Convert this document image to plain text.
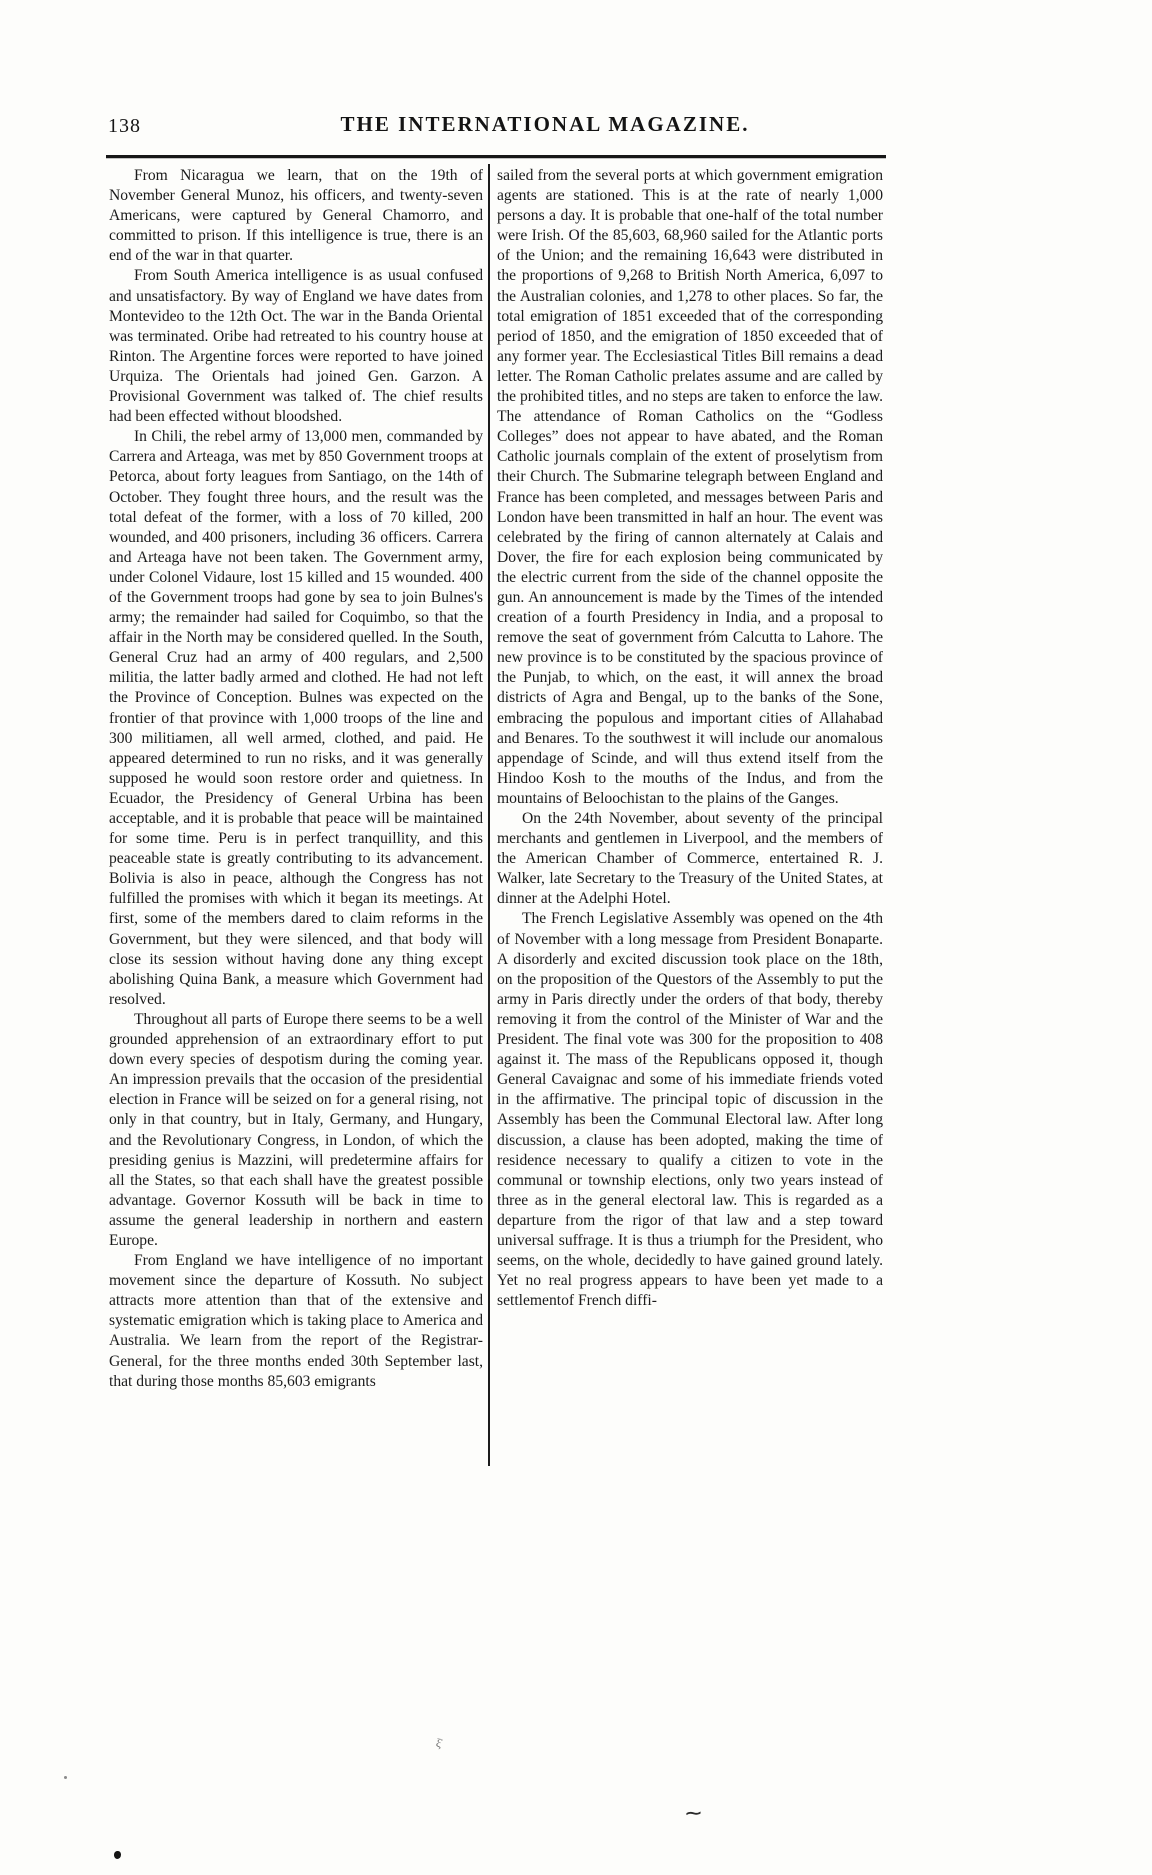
138	THE INTERNATIONAL MAGAZINE.

From Nicaragua we learn, that on the 19th of November General Munoz, his officers, and twenty-seven Americans, were captured by General Chamorro, and committed to prison. If this intelligence is true, there is an end of the war in that quarter.

From South America intelligence is as usual confused and unsatisfactory. By way of England we have dates from Montevideo to the 12th Oct. The war in the Banda Oriental was terminated. Oribe had retreated to his country house at Rinton. The Argentine forces were reported to have joined Urquiza. The Orientals had joined Gen. Garzon. A Provisional Government was talked of. The chief results had been effected without bloodshed.

In Chili, the rebel army of 13,000 men, commanded by Carrera and Arteaga, was met by 850 Government troops at Petorca, about forty leagues from Santiago, on the 14th of October. They fought three hours, and the result was the total defeat of the former, with a loss of 70 killed, 200 wounded, and 400 prisoners, including 36 officers. Carrera and Arteaga have not been taken. The Government army, under Colonel Vidaure, lost 15 killed and 15 wounded. 400 of the Government troops had gone by sea to join Bulnes's army; the remainder had sailed for Coquimbo, so that the affair in the North may be considered quelled. In the South, General Cruz had an army of 400 regulars, and 2,500 militia, the latter badly armed and clothed. He had not left the Province of Conception. Bulnes was expected on the frontier of that province with 1,000 troops of the line and 300 militiamen, all well armed, clothed, and paid. He appeared determined to run no risks, and it was generally supposed he would soon restore order and quietness. In Ecuador, the Presidency of General Urbina has been acceptable, and it is probable that peace will be maintained for some time. Peru is in perfect tranquillity, and this peaceable state is greatly contributing to its advancement. Bolivia is also in peace, although the Congress has not fulfilled the promises with which it began its meetings. At first, some of the members dared to claim reforms in the Government, but they were silenced, and that body will close its session without having done any thing except abolishing Quina Bank, a measure which Government had resolved.

Throughout all parts of Europe there seems to be a well grounded apprehension of an extraordinary effort to put down every species of despotism during the coming year. An impression prevails that the occasion of the presidential election in France will be seized on for a general rising, not only in that country, but in Italy, Germany, and Hungary, and the Revolutionary Congress, in London, of which the presiding genius is Mazzini, will predetermine affairs for all the States, so that each shall have the greatest possible advantage. Governor Kossuth will be back in time to assume the general leadership in northern and eastern Europe.

From England we have intelligence of no important movement since the departure of Kossuth. No subject attracts more attention than that of the extensive and systematic emigration which is taking place to America and Australia. We learn from the report of the Registrar-General, for the three months ended 30th September last, that during those months 85,603 emigrants

sailed from the several ports at which government emigration agents are stationed. This is at the rate of nearly 1,000 persons a day. It is probable that one-half of the total number were Irish. Of the 85,603, 68,960 sailed for the Atlantic ports of the Union; and the remaining 16,643 were distributed in the proportions of 9,268 to British North America, 6,097 to the Australian colonies, and 1,278 to other places. So far, the total emigration of 1851 exceeded that of the corresponding period of 1850, and the emigration of 1850 exceeded that of any former year. The Ecclesiastical Titles Bill remains a dead letter. The Roman Catholic prelates assume and are called by the prohibited titles, and no steps are taken to enforce the law. The attendance of Roman Catholics on the “Godless Colleges” does not appear to have abated, and the Roman Catholic journals complain of the extent of proselytism from their Church. The Submarine telegraph between England and France has been completed, and messages between Paris and London have been transmitted in half an hour. The event was celebrated by the firing of cannon alternately at Calais and Dover, the fire for each explosion being communicated by the electric current from the side of the channel opposite the gun. An announcement is made by the Times of the intended creation of a fourth Presidency in India, and a proposal to remove the seat of government fróm Calcutta to Lahore. The new province is to be constituted by the spacious province of the Punjab, to which, on the east, it will annex the broad districts of Agra and Bengal, up to the banks of the Sone, embracing the populous and important cities of Allahabad and Benares. To the southwest it will include our anomalous appendage of Scinde, and will thus extend itself from the Hindoo Kosh to the mouths of the Indus, and from the mountains of Beloochistan to the plains of the Ganges.

On the 24th November, about seventy of the principal merchants and gentlemen in Liverpool, and the members of the American Chamber of Commerce, entertained R. J. Walker, late Secretary to the Treasury of the United States, at dinner at the Adelphi Hotel.

The French Legislative Assembly was opened on the 4th of November with a long message from President Bonaparte. A disorderly and excited discussion took place on the 18th, on the proposition of the Questors of the Assembly to put the army in Paris directly under the orders of that body, thereby removing it from the control of the Minister of War and the President. The final vote was 300 for the proposition to 408 against it. The mass of the Republicans opposed it, though General Cavaignac and some of his immediate friends voted in the affirmative. The principal topic of discussion in the Assembly has been the Communal Electoral law. After long discussion, a clause has been adopted, making the time of residence necessary to qualify a citizen to vote in the communal or township elections, only two years instead of three as in the general electoral law. This is regarded as a departure from the rigor of that law and a step toward universal suffrage. It is thus a triumph for the President, who seems, on the whole, decidedly to have gained ground lately. Yet no real progress appears to have been yet made to a settlementof French diffi-

ξ˙
⁓
